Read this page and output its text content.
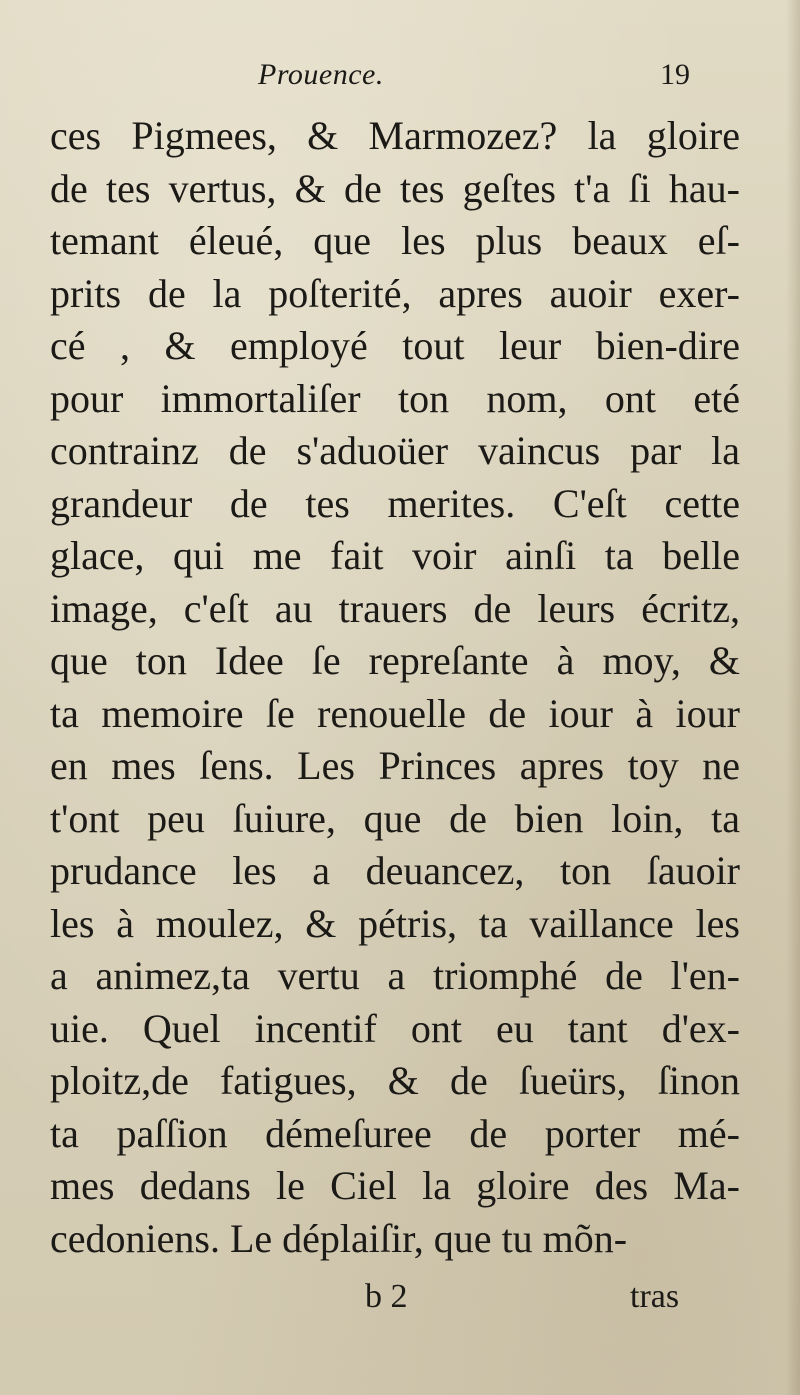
Prouence.	19
ces Pigmees, & Marmozez? la gloire
de tes vertus, & de tes geſtes t'a ſi hau-
temant éleué, que les plus beaux eſ-
prits de la poſterité, apres auoir exer-
cé , & employé tout leur bien-dire
pour immortaliſer ton nom, ont eté
contrainz de s'aduoüer vaincus par la
grandeur de tes merites. C'eſt cette
glace, qui me fait voir ainſi ta belle
image, c'eſt au trauers de leurs écritz,
que ton Idee ſe repreſante à moy, &
ta memoire ſe renouelle de iour à iour
en mes ſens. Les Princes apres toy ne
t'ont peu ſuiure, que de bien loin, ta
prudance les a deuancez, ton ſauoir
les à moulez, & pétris, ta vaillance les
a animez,ta vertu a triomphé de l'en-
uie. Quel incentif ont eu tant d'ex-
ploitz,de fatigues, & de ſueürs, ſinon
ta paſſion démeſuree de porter mé-
mes dedans le Ciel la gloire des Ma-
cedoniens. Le déplaiſir, que tu mõn-
b 2	tras
